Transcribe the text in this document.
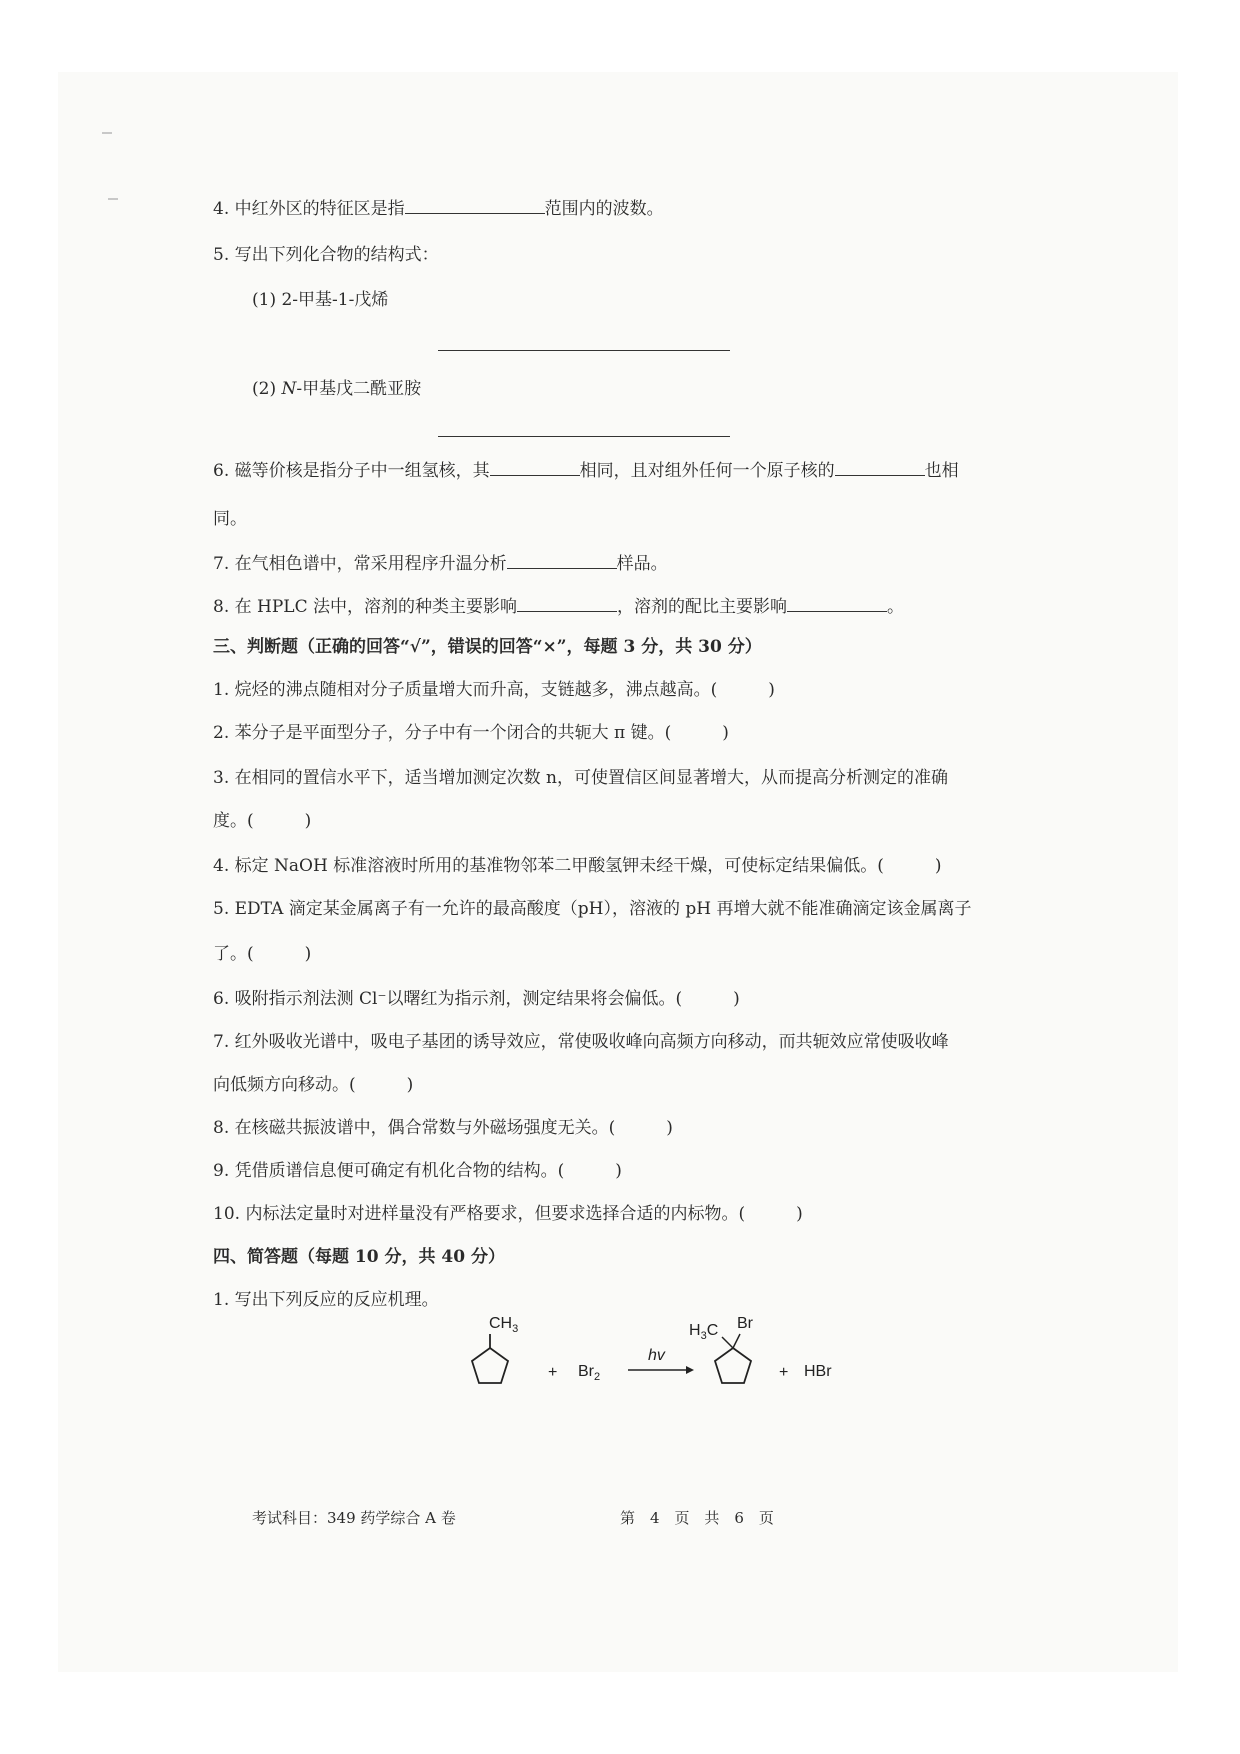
4. 中红外区的特征区是指	范围内的波数。
5. 写出下列化合物的结构式：
(1) 2-甲基-1-戊烯
(2) N-甲基戊二酰亚胺
6. 磁等价核是指分子中一组氢核，其	相同，且对组外任何一个原子核的	也相
同。
7. 在气相色谱中，常采用程序升温分析	样品。
8. 在 HPLC 法中，溶剂的种类主要影响	，溶剂的配比主要影响	。
三、判断题（正确的回答“√”，错误的回答“×”，每题 3 分，共 30 分）
1. 烷烃的沸点随相对分子质量增大而升高，支链越多，沸点越高。(　　　)
2. 苯分子是平面型分子，分子中有一个闭合的共轭大 π 键。(　　　)
3. 在相同的置信水平下，适当增加测定次数 n，可使置信区间显著增大，从而提高分析测定的准确
度。(　　　)
4. 标定 NaOH 标准溶液时所用的基准物邻苯二甲酸氢钾未经干燥，可使标定结果偏低。(　　　)
5. EDTA 滴定某金属离子有一允许的最高酸度（pH），溶液的 pH 再增大就不能准确滴定该金属离子
了。(　　　)
6. 吸附指示剂法测 Cl⁻以曙红为指示剂，测定结果将会偏低。(　　　)
7. 红外吸收光谱中，吸电子基团的诱导效应，常使吸收峰向高频方向移动，而共轭效应常使吸收峰
向低频方向移动。(　　　)
8. 在核磁共振波谱中，偶合常数与外磁场强度无关。(　　　)
9. 凭借质谱信息便可确定有机化合物的结构。(　　　)
10. 内标法定量时对进样量没有严格要求，但要求选择合适的内标物。(　　　)
四、简答题（每题 10 分，共 40 分）
1. 写出下列反应的反应机理。
$CH_3$
+ $Br_2$
hv
$H_3C$ Br
+ HBr
考试科目：349 药学综合 A 卷	第　4　页 共　6　页
